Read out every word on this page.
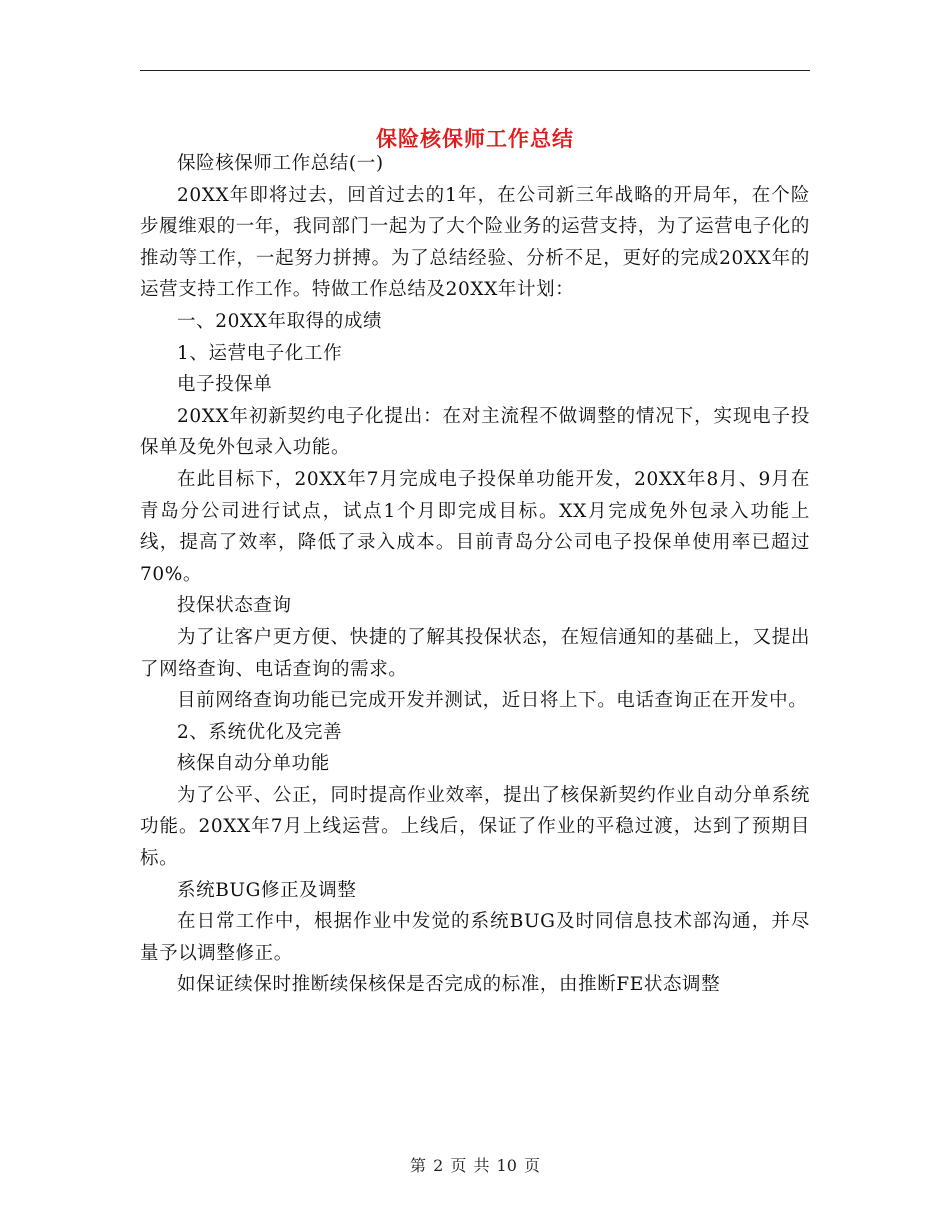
保险核保师工作总结

保险核保师工作总结(一)

20XX年即将过去，回首过去的1年，在公司新三年战略的开局年，在个险步履维艰的一年，我同部门一起为了大个险业务的运营支持，为了运营电子化的推动等工作，一起努力拼搏。为了总结经验、分析不足，更好的完成20XX年的运营支持工作工作。特做工作总结及20XX年计划：

一、20XX年取得的成绩

1、运营电子化工作

电子投保单

20XX年初新契约电子化提出：在对主流程不做调整的情况下，实现电子投保单及免外包录入功能。

在此目标下，20XX年7月完成电子投保单功能开发，20XX年8月、9月在青岛分公司进行试点，试点1个月即完成目标。XX月完成免外包录入功能上线，提高了效率，降低了录入成本。目前青岛分公司电子投保单使用率已超过70%。

投保状态查询

为了让客户更方便、快捷的了解其投保状态，在短信通知的基础上，又提出了网络查询、电话查询的需求。

目前网络查询功能已完成开发并测试，近日将上下。电话查询正在开发中。

2、系统优化及完善

核保自动分单功能

为了公平、公正，同时提高作业效率，提出了核保新契约作业自动分单系统功能。20XX年7月上线运营。上线后，保证了作业的平稳过渡，达到了预期目标。

系统BUG修正及调整

在日常工作中，根据作业中发觉的系统BUG及时同信息技术部沟通，并尽量予以调整修正。

如保证续保时推断续保核保是否完成的标准，由推断FE状态调整

第 2 页 共 10 页
